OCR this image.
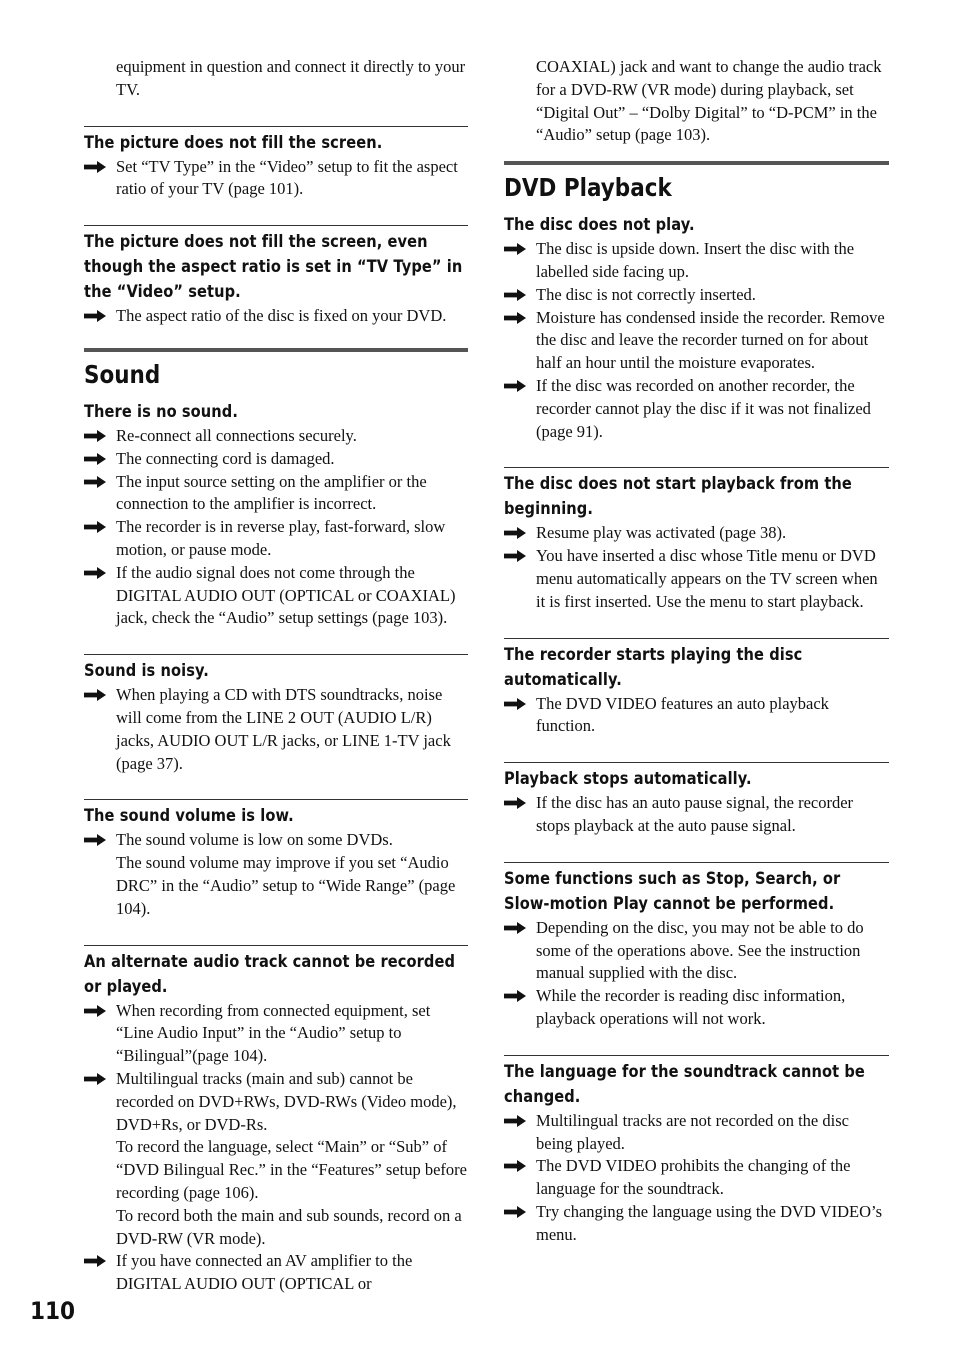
equipment in question and connect it directly to your TV.
The picture does not fill the screen.
Set “TV Type” in the “Video” setup to fit the aspect ratio of your TV (page 101).
The picture does not fill the screen, even though the aspect ratio is set in “TV Type” in the “Video” setup.
The aspect ratio of the disc is fixed on your DVD.
Sound
There is no sound.
Re-connect all connections securely.
The connecting cord is damaged.
The input source setting on the amplifier or the connection to the amplifier is incorrect.
The recorder is in reverse play, fast-forward, slow motion, or pause mode.
If the audio signal does not come through the DIGITAL AUDIO OUT (OPTICAL or COAXIAL) jack, check the “Audio” setup settings (page 103).
Sound is noisy.
When playing a CD with DTS soundtracks, noise will come from the LINE 2 OUT (AUDIO L/R) jacks, AUDIO OUT L/R jacks, or LINE 1-TV jack (page 37).
The sound volume is low.
The sound volume is low on some DVDs.
The sound volume may improve if you set “Audio DRC” in the “Audio” setup to “Wide Range” (page 104).
An alternate audio track cannot be recorded or played.
When recording from connected equipment, set “Line Audio Input” in the “Audio” setup to “Bilingual”(page 104).
Multilingual tracks (main and sub) cannot be recorded on DVD+RWs, DVD-RWs (Video mode), DVD+Rs, or DVD-Rs.
To record the language, select “Main” or “Sub” of “DVD Bilingual Rec.” in the “Features” setup before recording (page 106).
To record both the main and sub sounds, record on a DVD-RW (VR mode).
If you have connected an AV amplifier to the DIGITAL AUDIO OUT (OPTICAL or
COAXIAL) jack and want to change the audio track for a DVD-RW (VR mode) during playback, set “Digital Out” – “Dolby Digital” to “D-PCM” in the “Audio” setup (page 103).
DVD Playback
The disc does not play.
The disc is upside down. Insert the disc with the labelled side facing up.
The disc is not correctly inserted.
Moisture has condensed inside the recorder. Remove the disc and leave the recorder turned on for about half an hour until the moisture evaporates.
If the disc was recorded on another recorder, the recorder cannot play the disc if it was not finalized (page 91).
The disc does not start playback from the beginning.
Resume play was activated (page 38).
You have inserted a disc whose Title menu or DVD menu automatically appears on the TV screen when it is first inserted. Use the menu to start playback.
The recorder starts playing the disc automatically.
The DVD VIDEO features an auto playback function.
Playback stops automatically.
If the disc has an auto pause signal, the recorder stops playback at the auto pause signal.
Some functions such as Stop, Search, or Slow-motion Play cannot be performed.
Depending on the disc, you may not be able to do some of the operations above. See the instruction manual supplied with the disc.
While the recorder is reading disc information, playback operations will not work.
The language for the soundtrack cannot be changed.
Multilingual tracks are not recorded on the disc being played.
The DVD VIDEO prohibits the changing of the language for the soundtrack.
Try changing the language using the DVD VIDEO’s menu.
110
